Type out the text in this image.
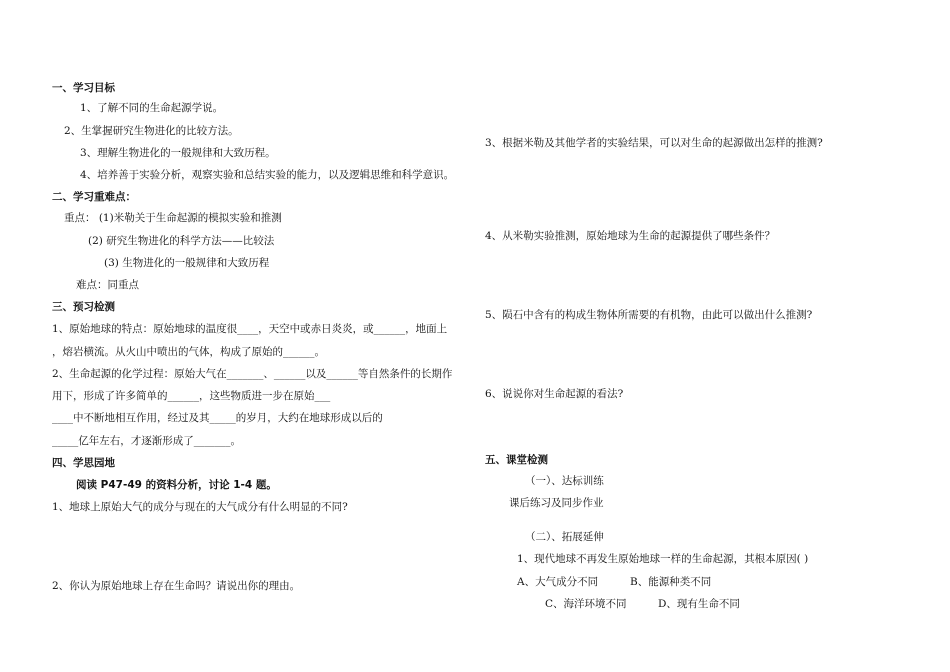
一、学习目标
1、了解不同的生命起源学说。
2、生掌握研究生物进化的比较方法。
3、理解生物进化的一般规律和大致历程。
4、培养善于实验分析，观察实验和总结实验的能力，以及逻辑思维和科学意识。
二、学习重难点：
重点： (1)米勒关于生命起源的模拟实验和推测
(2) 研究生物进化的科学方法——比较法
(3) 生物进化的一般规律和大致历程
难点：同重点
三、预习检测
1、原始地球的特点：原始地球的温度很____，天空中或赤日炎炎，或______，地面上
，熔岩横流。从火山中喷出的气体，构成了原始的______。
2、生命起源的化学过程：原始大气在_______、______以及______等自然条件的长期作
用下，形成了许多简单的______，这些物质进一步在原始___
____中不断地相互作用，经过及其_____的岁月，大约在地球形成以后的
_____亿年左右，才逐渐形成了_______。
四、学思园地
阅读 P47-49 的资料分析，讨论 1-4 题。
1、地球上原始大气的成分与现在的大气成分有什么明显的不同?
2、你认为原始地球上存在生命吗？请说出你的理由。
3、根据米勒及其他学者的实验结果，可以对生命的起源做出怎样的推测?
4、从米勒实验推测，原始地球为生命的起源提供了哪些条件？
5、陨石中含有的构成生物体所需要的有机物，由此可以做出什么推测?
6、说说你对生命起源的看法?
五、课堂检测
（一）、达标训练
课后练习及同步作业
（二）、拓展延伸
1、现代地球不再发生原始地球一样的生命起源，其根本原因( )
A、大气成分不同	B、能源种类不同
C、海洋环境不同	D、现有生命不同
